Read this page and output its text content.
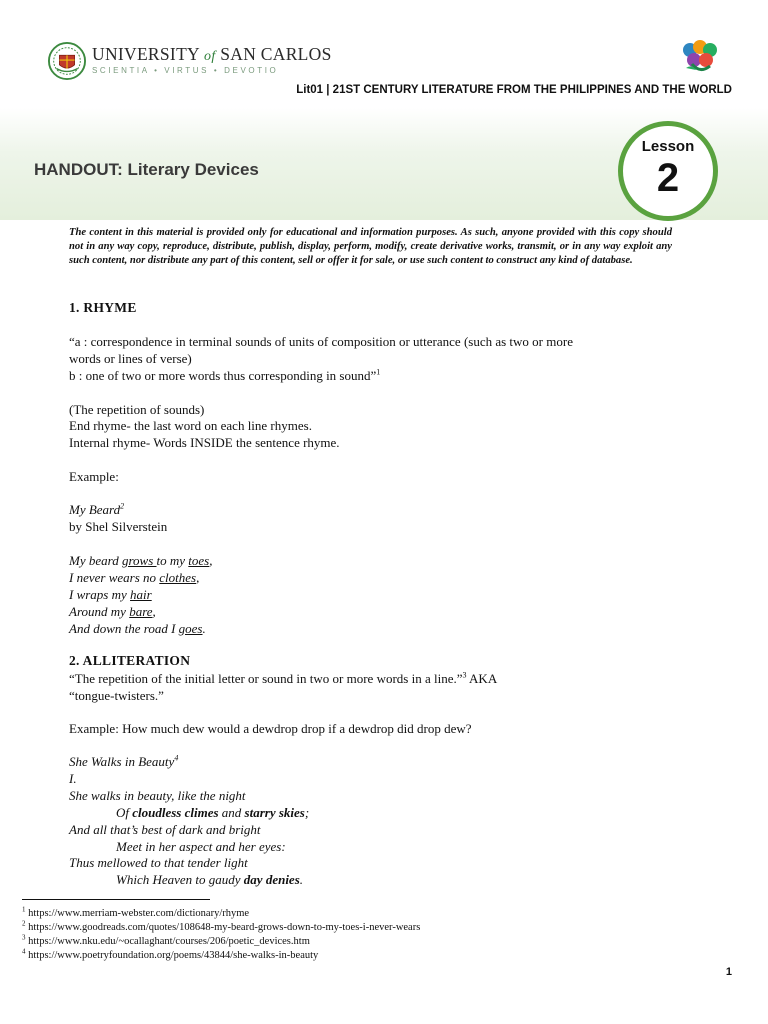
UNIVERSITY of SAN CARLOS
SCIENTIA • VIRTUS • DEVOTIO
Lit01 | 21ST CENTURY LITERATURE FROM THE PHILIPPINES AND THE WORLD
HANDOUT: Literary Devices
Lesson
2
The content in this material is provided only for educational and information purposes. As such, anyone provided with this copy should not in any way copy, reproduce, distribute, publish, display, perform, modify, create derivative works, transmit, or in any way exploit any such content, nor distribute any part of this content, sell or offer it for sale, or use such content to construct any kind of database.
1. RHYME
“a : correspondence in terminal sounds of units of composition or utterance (such as two or more
words or lines of verse)
b : one of two or more words thus corresponding in sound”$^1$
(The repetition of sounds)
End rhyme- the last word on each line rhymes.
Internal rhyme- Words INSIDE the sentence rhyme.
Example:
My Beard$^2$
by Shel Silverstein
My beard grows to my toes,
I never wears no clothes,
I wraps my hair
Around my bare,
And down the road I goes.
2. ALLITERATION
“The repetition of the initial letter or sound in two or more words in a line.”$^3$ AKA
“tongue-twisters.”
Example: How much dew would a dewdrop drop if a dewdrop did drop dew?
She Walks in Beauty$^4$
I.
She walks in beauty, like the night
Of cloudless climes and starry skies;
And all that’s best of dark and bright
Meet in her aspect and her eyes:
Thus mellowed to that tender light
Which Heaven to gaudy day denies.
$^1$ https://www.merriam-webster.com/dictionary/rhyme
$^2$ https://www.goodreads.com/quotes/108648-my-beard-grows-down-to-my-toes-i-never-wears
$^3$ https://www.nku.edu/~ocallaghant/courses/206/poetic_devices.htm
$^4$ https://www.poetryfoundation.org/poems/43844/she-walks-in-beauty
1
